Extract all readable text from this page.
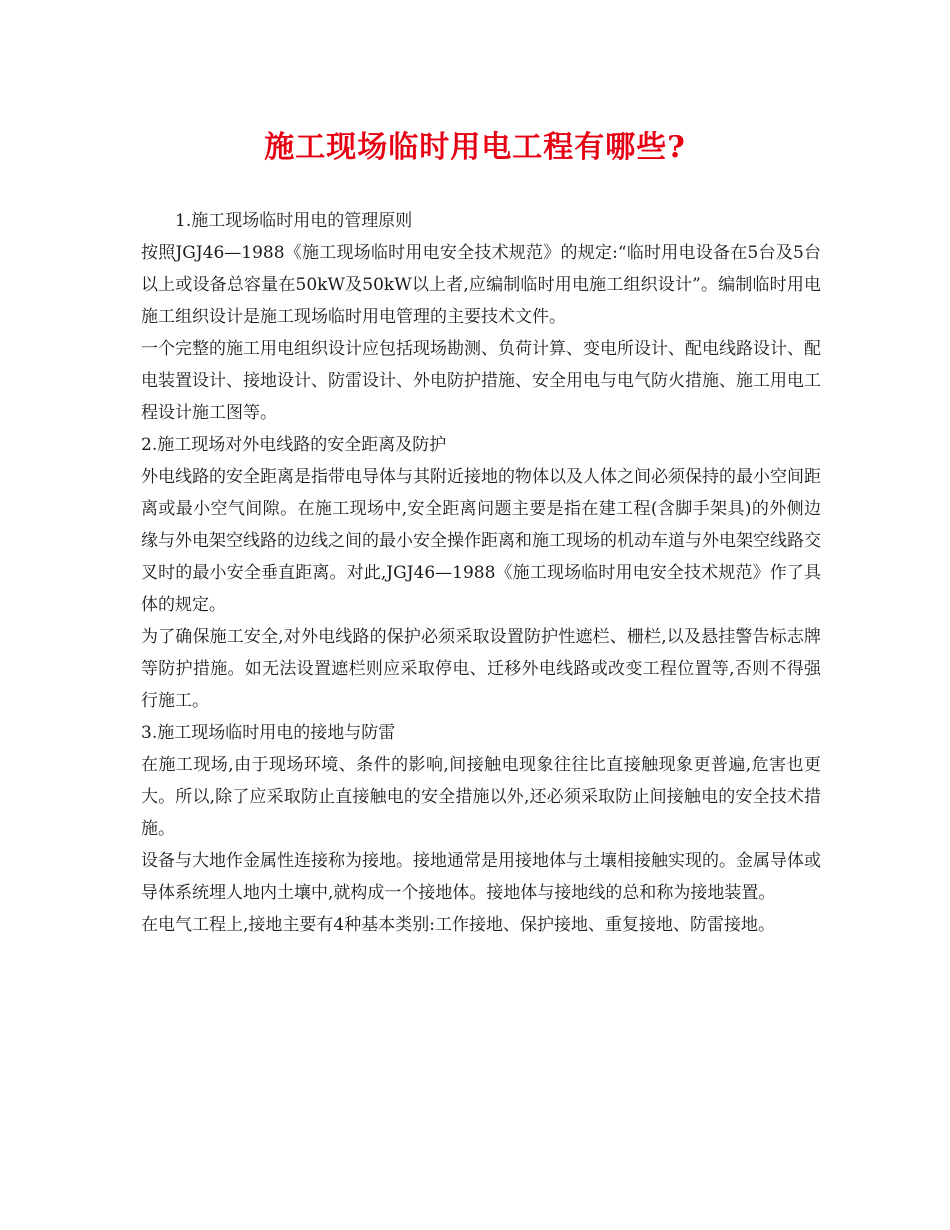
施工现场临时用电工程有哪些?

1.施工现场临时用电的管理原则

按照JGJ46—1988《施工现场临时用电安全技术规范》的规定:“临时用电设备在5台及5台以上或设备总容量在50kW及50kW以上者,应编制临时用电施工组织设计”。编制临时用电施工组织设计是施工现场临时用电管理的主要技术文件。

一个完整的施工用电组织设计应包括现场勘测、负荷计算、变电所设计、配电线路设计、配电装置设计、接地设计、防雷设计、外电防护措施、安全用电与电气防火措施、施工用电工程设计施工图等。

2.施工现场对外电线路的安全距离及防护

外电线路的安全距离是指带电导体与其附近接地的物体以及人体之间必须保持的最小空间距离或最小空气间隙。在施工现场中,安全距离问题主要是指在建工程(含脚手架具)的外侧边缘与外电架空线路的边线之间的最小安全操作距离和施工现场的机动车道与外电架空线路交叉时的最小安全垂直距离。对此,JGJ46—1988《施工现场临时用电安全技术规范》作了具体的规定。

为了确保施工安全,对外电线路的保护必须采取设置防护性遮栏、栅栏,以及悬挂警告标志牌等防护措施。如无法设置遮栏则应采取停电、迁移外电线路或改变工程位置等,否则不得强行施工。

3.施工现场临时用电的接地与防雷

在施工现场,由于现场环境、条件的影响,间接触电现象往往比直接触现象更普遍,危害也更大。所以,除了应采取防止直接触电的安全措施以外,还必须采取防止间接触电的安全技术措施。

设备与大地作金属性连接称为接地。接地通常是用接地体与土壤相接触实现的。金属导体或导体系统埋人地内土壤中,就构成一个接地体。接地体与接地线的总和称为接地装置。

在电气工程上,接地主要有4种基本类别:工作接地、保护接地、重复接地、防雷接地。
